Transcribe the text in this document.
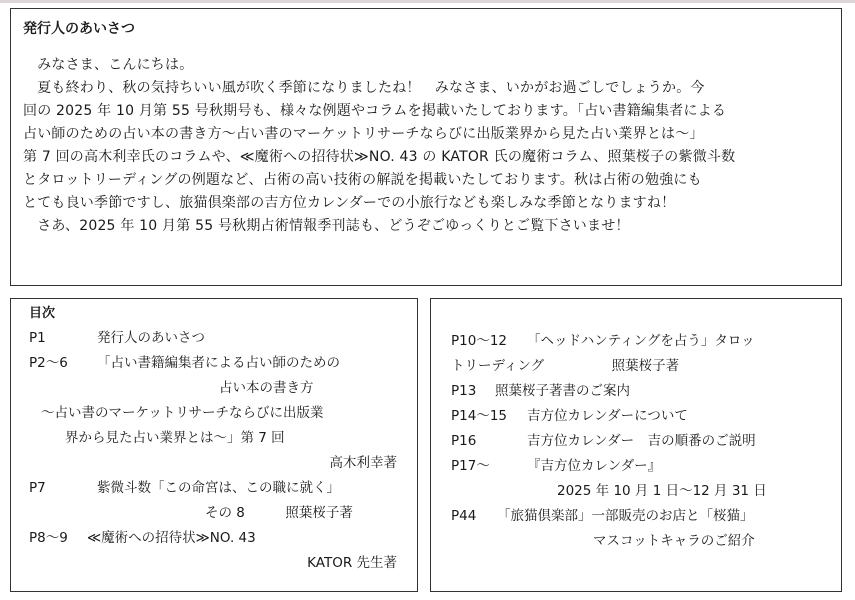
発行人のあいさつ
　みなさま、こんにちは。
　夏も終わり、秋の気持ちいい風が吹く季節になりましたね！　みなさま、いかがお過ごしでしょうか。今
回の 2025 年 10 月第 55 号秋期号も、様々な例題やコラムを掲載いたしております。「占い書籍編集者による
占い師のための占い本の書き方〜占い書のマーケットリサーチならびに出版業界から見た占い業界とは〜」
第 7 回の高木利幸氏のコラムや、≪魔術への招待状≫NO. 43 の KATOR 氏の魔術コラム、照葉桜子の紫微斗数
とタロットリーディングの例題など、占術の高い技術の解説を掲載いたしております。秋は占術の勉強にも
とても良い季節ですし、旅猫倶楽部の吉方位カレンダーでの小旅行なども楽しみな季節となりますね！
　さあ、2025 年 10 月第 55 号秋期占術情報季刊誌も、どうぞごゆっくりとご覧下さいませ！
目次
P1	発行人のあいさつ
P2〜6	「占い書籍編集者による占い師のための
占い本の書き方
〜占い書のマーケットリサーチならびに出版業
界から見た占い業界とは〜」第 7 回
高木利幸著
P7	紫微斗数「この命宮は、この職に就く」
その 8　　　照葉桜子著
P8〜9	≪魔術への招待状≫NO. 43
KATOR 先生著
P10〜12	「ヘッドハンティングを占う」タロッ
トリーディング　　　　　照葉桜子著
P13	照葉桜子著書のご案内
P14〜15	吉方位カレンダーについて
P16	吉方位カレンダー　吉の順番のご説明
P17〜	『吉方位カレンダー』
2025 年 10 月 1 日〜12 月 31 日
P44	「旅猫倶楽部」一部販売のお店と「桜猫」
マスコットキャラのご紹介
